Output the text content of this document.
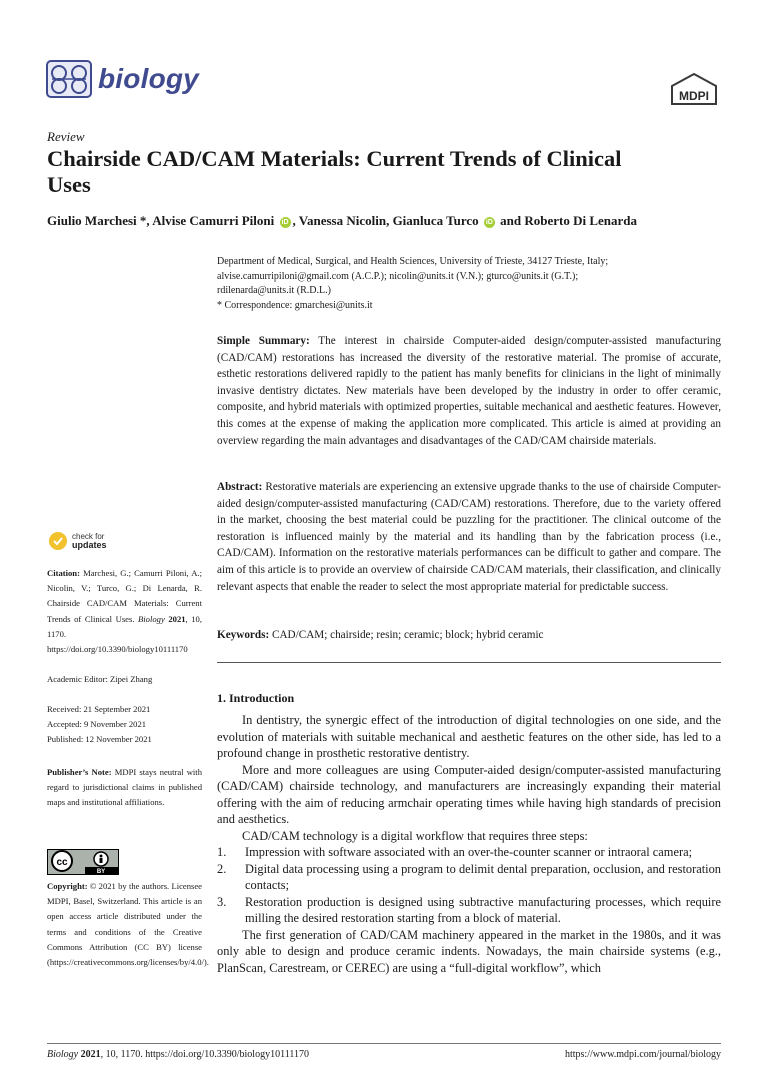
biology
MDPI
Review
Chairside CAD/CAM Materials: Current Trends of Clinical Uses
Giulio Marchesi *, Alvise Camurri Piloni iD , Vanessa Nicolin, Gianluca Turco iD and Roberto Di Lenarda

Department of Medical, Surgical, and Health Sciences, University of Trieste, 34127 Trieste, Italy;

alvise.camurripiloni@gmail.com (A.C.P.); nicolin@units.it (V.N.); gturco@units.it (G.T.);

rdilenarda@units.it (R.D.L.)

* Correspondence: gmarchesi@units.it

Simple Summary: The interest in chairside Computer-aided design/computer-assisted manufacturing (CAD/CAM) restorations has increased the diversity of the restorative material. The promise of accurate, esthetic restorations delivered rapidly to the patient has manly benefits for clinicians in the light of minimally invasive dentistry dictates. New materials have been developed by the industry in order to offer ceramic, composite, and hybrid materials with optimized properties, suitable mechanical and aesthetic features. However, this comes at the expense of making the application more complicated. This article is aimed at providing an overview regarding the main advantages and disadvantages of the CAD/CAM chairside materials.
Abstract: Restorative materials are experiencing an extensive upgrade thanks to the use of chairside Computer-aided design/computer-assisted manufacturing (CAD/CAM) restorations. Therefore, due to the variety offered in the market, choosing the best material could be puzzling for the practitioner. The clinical outcome of the restoration is influenced mainly by the material and its handling than by the fabrication process (i.e., CAD/CAM). Information on the restorative materials performances can be difficult to gather and compare. The aim of this article is to provide an overview of chairside CAD/CAM materials, their classification, and clinically relevant aspects that enable the reader to select the most appropriate material for predictable success.
Keywords: CAD/CAM; chairside; resin; ceramic; block; hybrid ceramic
1. Introduction

In dentistry, the synergic effect of the introduction of digital technologies on one side, and the evolution of materials with suitable mechanical and aesthetic features on the other side, has led to a profound change in prosthetic restorative dentistry.

More and more colleagues are using Computer-aided design/computer-assisted manufacturing (CAD/CAM) chairside technology, and manufacturers are increasingly expanding their material offering with the aim of reducing armchair operating times while having high standards of precision and aesthetics.

CAD/CAM technology is a digital workflow that requires three steps:

1. Impression with software associated with an over-the-counter scanner or intraoral camera;
2. Digital data processing using a program to delimit dental preparation, occlusion, and restoration contacts;
3. Restoration production is designed using subtractive manufacturing processes, which require milling the desired restoration starting from a block of material.

The first generation of CAD/CAM machinery appeared in the market in the 1980s, and it was only able to design and produce ceramic indents. Nowadays, the main chairside systems (e.g., PlanScan, Carestream, or CEREC) are using a “full-digital workflow”, which

check for
updates
Citation: Marchesi, G.; Camurri Piloni, A.; Nicolin, V.; Turco, G.; Di Lenarda, R. Chairside CAD/CAM Materials: Current Trends of Clinical Uses. Biology 2021, 10, 1170. https://doi.org/10.3390/biology10111170
Academic Editor: Zipei Zhang
Received: 21 September 2021
Accepted: 9 November 2021
Published: 12 November 2021
Publisher’s Note: MDPI stays neutral with regard to jurisdictional claims in published maps and institutional affiliations.
cc
BY
Copyright: © 2021 by the authors. Licensee MDPI, Basel, Switzerland. This article is an open access article distributed under the terms and conditions of the Creative Commons Attribution (CC BY) license (https://creativecommons.org/licenses/by/4.0/).
Biology 2021, 10, 1170. https://doi.org/10.3390/biology10111170	https://www.mdpi.com/journal/biology
